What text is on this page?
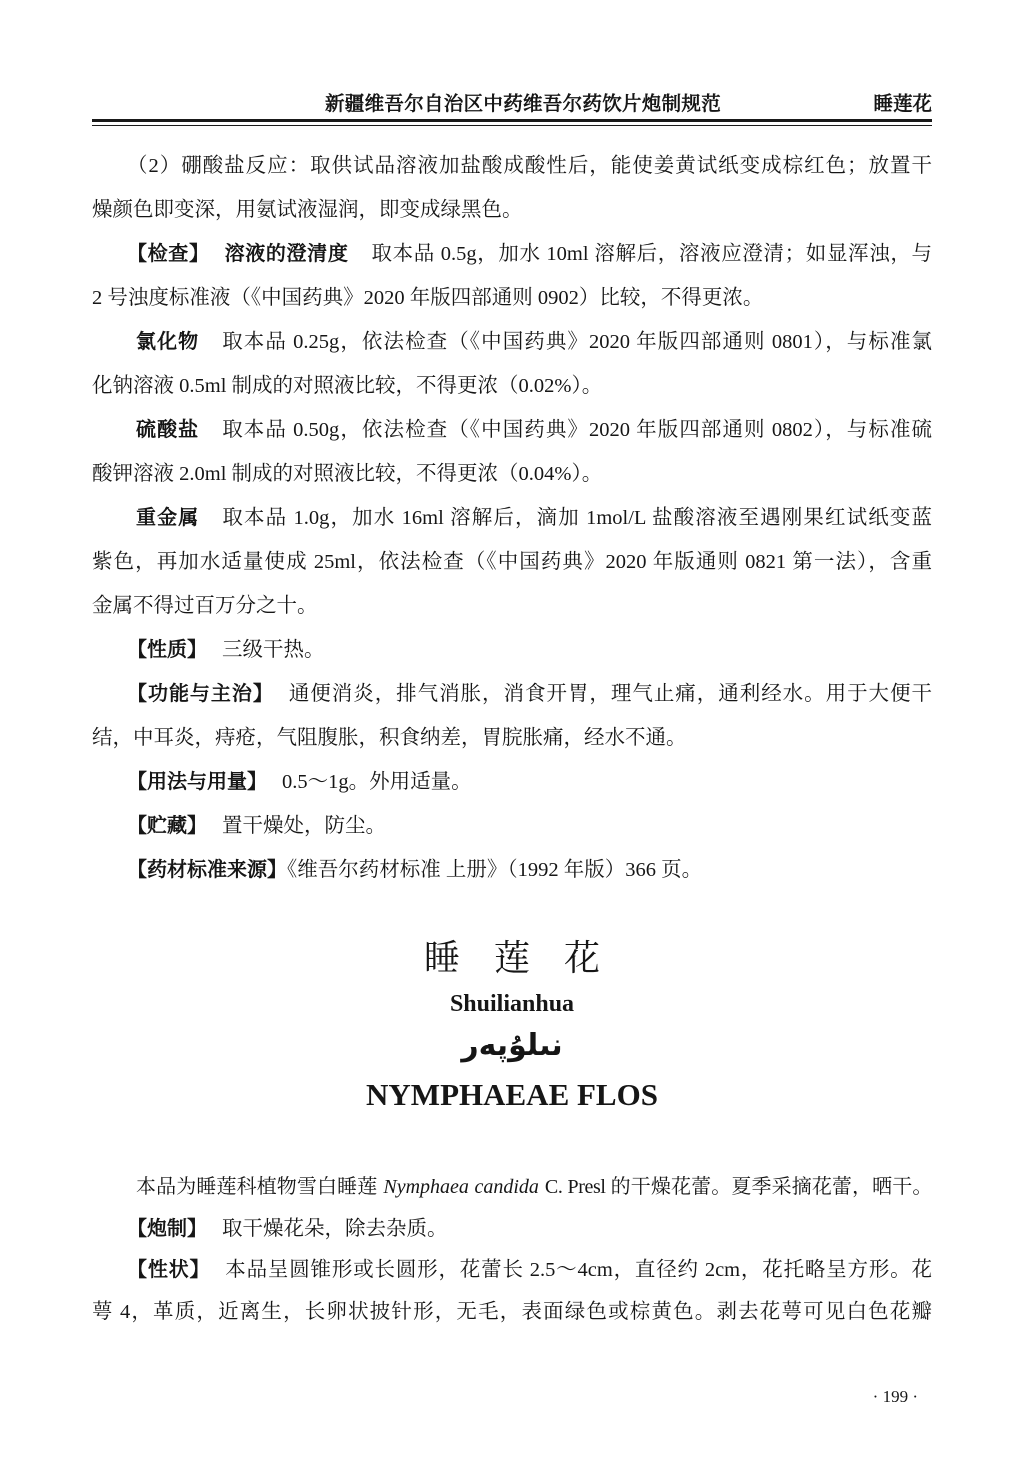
新疆维吾尔自治区中药维吾尔药饮片炮制规范	睡莲花
（2）硼酸盐反应：取供试品溶液加盐酸成酸性后，能使姜黄试纸变成棕红色；放置干
燥颜色即变深，用氨试液湿润，即变成绿黑色。
【检查】 溶液的澄清度 取本品 0.5g，加水 10ml 溶解后，溶液应澄清；如显浑浊，与
2 号浊度标准液（《中国药典》2020 年版四部通则 0902）比较，不得更浓。
氯化物 取本品 0.25g，依法检查（《中国药典》2020 年版四部通则 0801），与标准氯
化钠溶液 0.5ml 制成的对照液比较，不得更浓（0.02%）。
硫酸盐 取本品 0.50g，依法检查（《中国药典》2020 年版四部通则 0802），与标准硫
酸钾溶液 2.0ml 制成的对照液比较，不得更浓（0.04%）。
重金属 取本品 1.0g，加水 16ml 溶解后，滴加 1mol/L 盐酸溶液至遇刚果红试纸变蓝
紫色，再加水适量使成 25ml，依法检查（《中国药典》2020 年版通则 0821 第一法），含重
金属不得过百万分之十。
【性质】 三级干热。
【功能与主治】 通便消炎，排气消胀，消食开胃，理气止痛，通利经水。用于大便干
结，中耳炎，痔疮，气阻腹胀，积食纳差，胃脘胀痛，经水不通。
【用法与用量】 0.5～1g。外用适量。
【贮藏】 置干燥处，防尘。
【药材标准来源】《维吾尔药材标准 上册》（1992 年版）366 页。
睡莲花
Shuilianhua
نىلۇپەر
NYMPHAEAE FLOS
本品为睡莲科植物雪白睡莲 Nymphaea candida C. Presl 的干燥花蕾。夏季采摘花蕾，晒干。
【炮制】 取干燥花朵，除去杂质。
【性状】 本品呈圆锥形或长圆形，花蕾长 2.5～4cm，直径约 2cm，花托略呈方形。花
萼 4，革质，近离生，长卵状披针形，无毛，表面绿色或棕黄色。剥去花萼可见白色花瓣
· 199 ·
